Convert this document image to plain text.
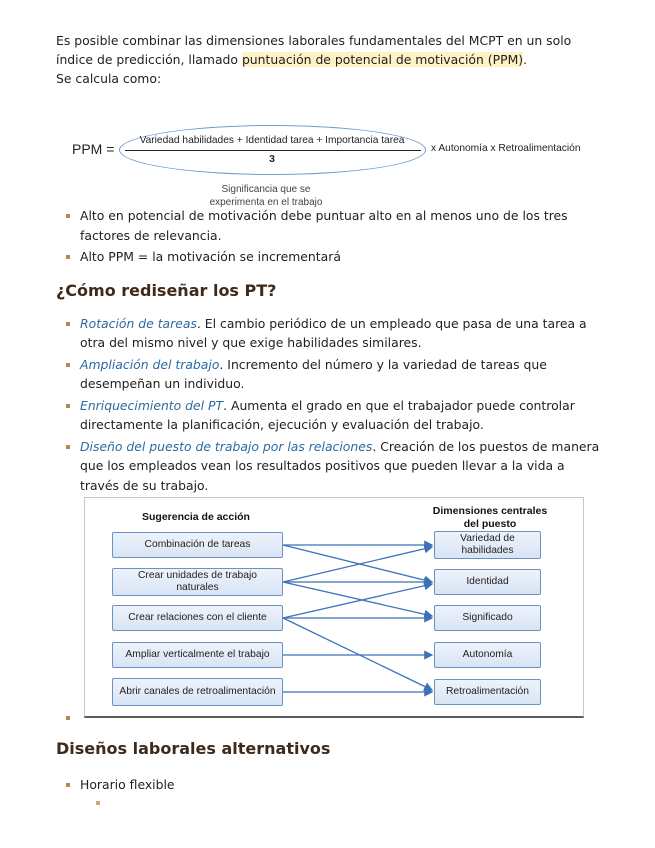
Es posible combinar las dimensiones laborales fundamentales del MCPT en un solo
índice de predicción, llamado puntuación de potencial de motivación (PPM).
Se calcula como:

PPM =
Variedad habilidades + Identidad tarea + Importancia tarea
3
x Autonomía x Retroalimentación
Significancia que se experimenta en el trabajo
Alto en potencial de motivación debe puntuar alto en al menos uno de los tres factores de relevancia.
Alto PPM = la motivación se incrementará
¿Cómo rediseñar los PT?
Rotación de tareas. El cambio periódico de un empleado que pasa de una tarea a otra del mismo nivel y que exige habilidades similares.
Ampliación del trabajo. Incremento del número y la variedad de tareas que desempeñan un individuo.
Enriquecimiento del PT. Aumenta el grado en que el trabajador puede controlar directamente la planificación, ejecución y evaluación del trabajo.
Diseño del puesto de trabajo por las relaciones. Creación de los puestos de manera que los empleados vean los resultados positivos que pueden llevar a la vida a través de su trabajo.
Sugerencia de acción	Dimensiones centrales del puesto
Combinación de tareas
Crear unidades de trabajo naturales
Crear relaciones con el cliente
Ampliar verticalmente el trabajo
Abrir canales de retroalimentación
Variedad de habilidades
Identidad
Significado
Autonomía
Retroalimentación
Diseños laborales alternativos
Horario flexible
